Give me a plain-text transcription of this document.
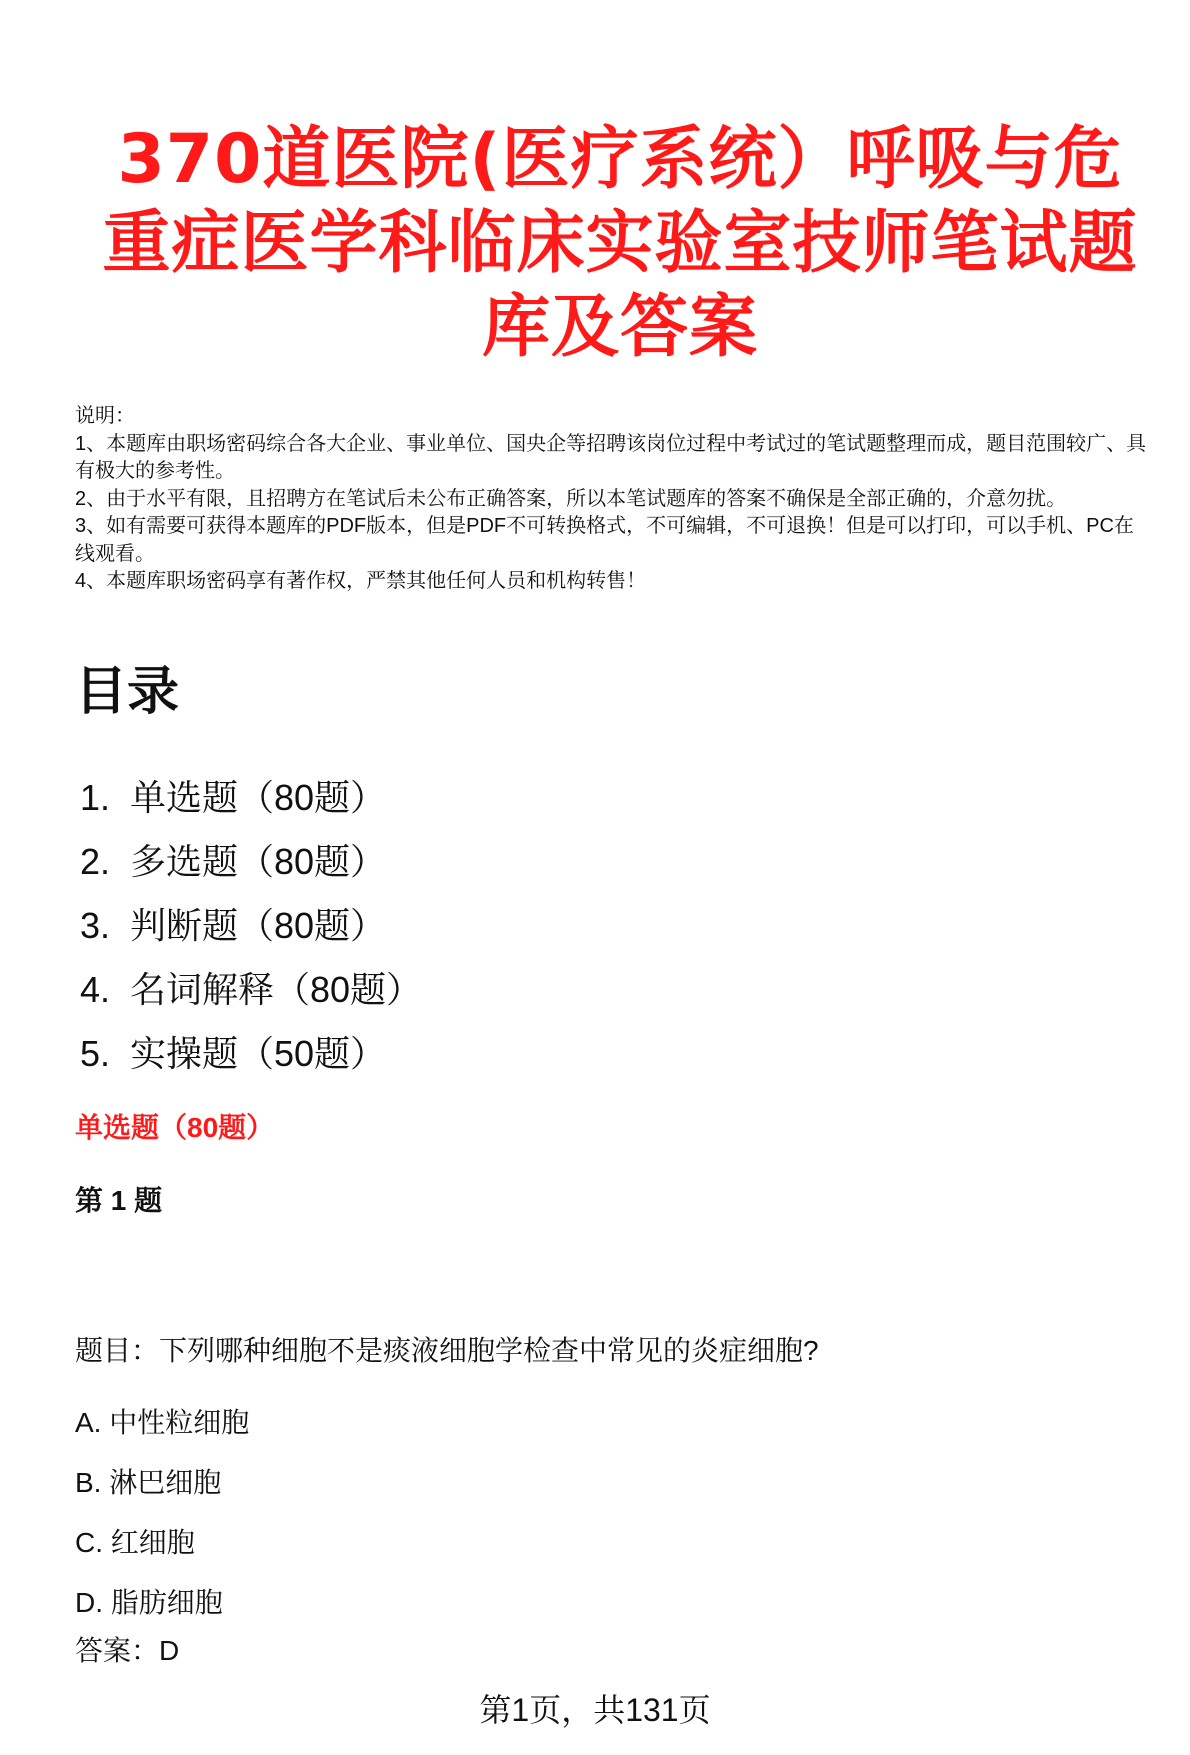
370道医院(医疗系统）呼吸与危重症医学科临床实验室技师笔试题库及答案

说明：

1、本题库由职场密码综合各大企业、事业单位、国央企等招聘该岗位过程中考试过的笔试题整理而成，题目范围较广、具有极大的参考性。

2、由于水平有限，且招聘方在笔试后未公布正确答案，所以本笔试题库的答案不确保是全部正确的，介意勿扰。

3、如有需要可获得本题库的PDF版本，但是PDF不可转换格式，不可编辑，不可退换！但是可以打印，可以手机、PC在线观看。

4、本题库职场密码享有著作权，严禁其他任何人员和机构转售！

目录
1. 单选题（80题）
2. 多选题（80题）
3. 判断题（80题）
4. 名词解释（80题）
5. 实操题（50题）
单选题（80题）
第 1 题

题目：下列哪种细胞不是痰液细胞学检查中常见的炎症细胞?

A. 中性粒细胞
B. 淋巴细胞
C. 红细胞
D. 脂肪细胞

答案：D

第1页，共131页
